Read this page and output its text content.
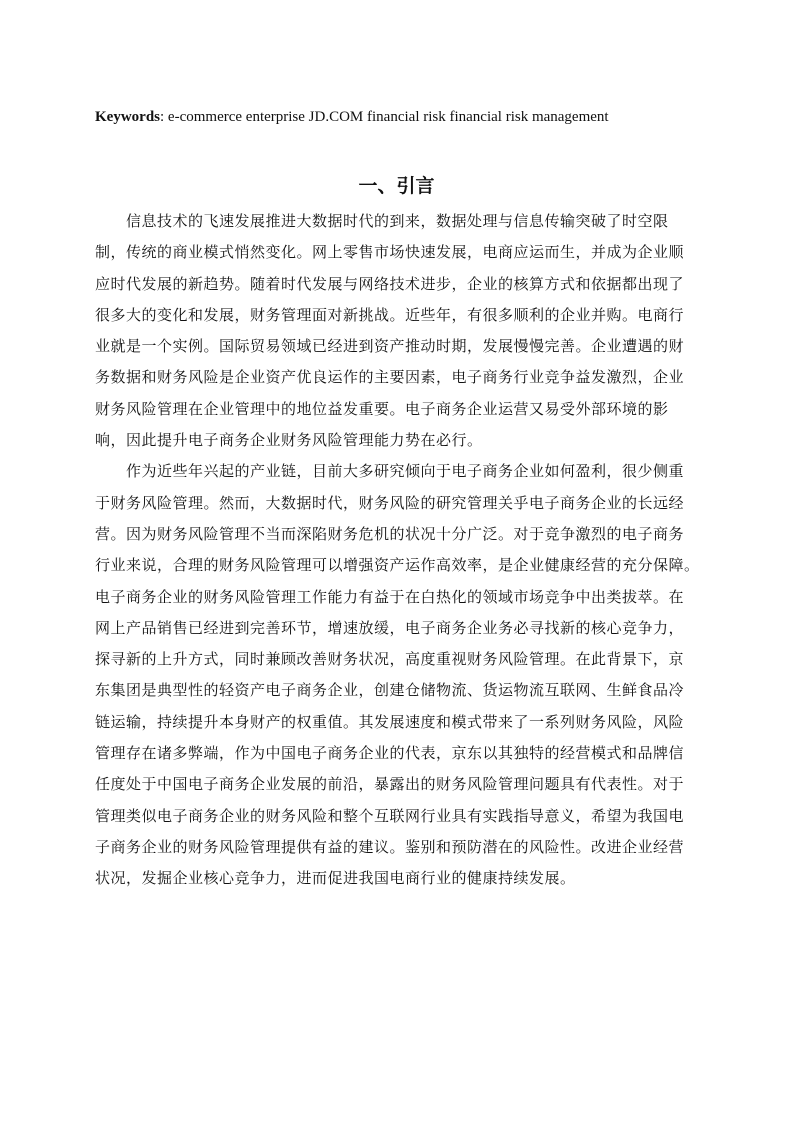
Keywords: e-commerce enterprise JD.COM financial risk financial risk management
一、引言

信息技术的飞速发展推进大数据时代的到来，数据处理与信息传输突破了时空限
制，传统的商业模式悄然变化。网上零售市场快速发展，电商应运而生，并成为企业顺
应时代发展的新趋势。随着时代发展与网络技术进步，企业的核算方式和依据都出现了
很多大的变化和发展，财务管理面对新挑战。近些年，有很多顺利的企业并购。电商行
业就是一个实例。国际贸易领域已经进到资产推动时期，发展慢慢完善。企业遭遇的财
务数据和财务风险是企业资产优良运作的主要因素，电子商务行业竞争益发激烈，企业
财务风险管理在企业管理中的地位益发重要。电子商务企业运营又易受外部环境的影
响，因此提升电子商务企业财务风险管理能力势在必行。

作为近些年兴起的产业链，目前大多研究倾向于电子商务企业如何盈利，很少侧重
于财务风险管理。然而，大数据时代，财务风险的研究管理关乎电子商务企业的长远经
营。因为财务风险管理不当而深陷财务危机的状况十分广泛。对于竞争激烈的电子商务
行业来说，合理的财务风险管理可以增强资产运作高效率，是企业健康经营的充分保障。
电子商务企业的财务风险管理工作能力有益于在白热化的领域市场竞争中出类拔萃。在
网上产品销售已经进到完善环节，增速放缓，电子商务企业务必寻找新的核心竞争力，
探寻新的上升方式，同时兼顾改善财务状况，高度重视财务风险管理。在此背景下，京
东集团是典型性的轻资产电子商务企业，创建仓储物流、货运物流互联网、生鲜食品冷
链运输，持续提升本身财产的权重值。其发展速度和模式带来了一系列财务风险，风险
管理存在诸多弊端，作为中国电子商务企业的代表，京东以其独特的经营模式和品牌信
任度处于中国电子商务企业发展的前沿，暴露出的财务风险管理问题具有代表性。对于
管理类似电子商务企业的财务风险和整个互联网行业具有实践指导意义，希望为我国电
子商务企业的财务风险管理提供有益的建议。鉴别和预防潜在的风险性。改进企业经营
状况，发掘企业核心竞争力，进而促进我国电商行业的健康持续发展。
